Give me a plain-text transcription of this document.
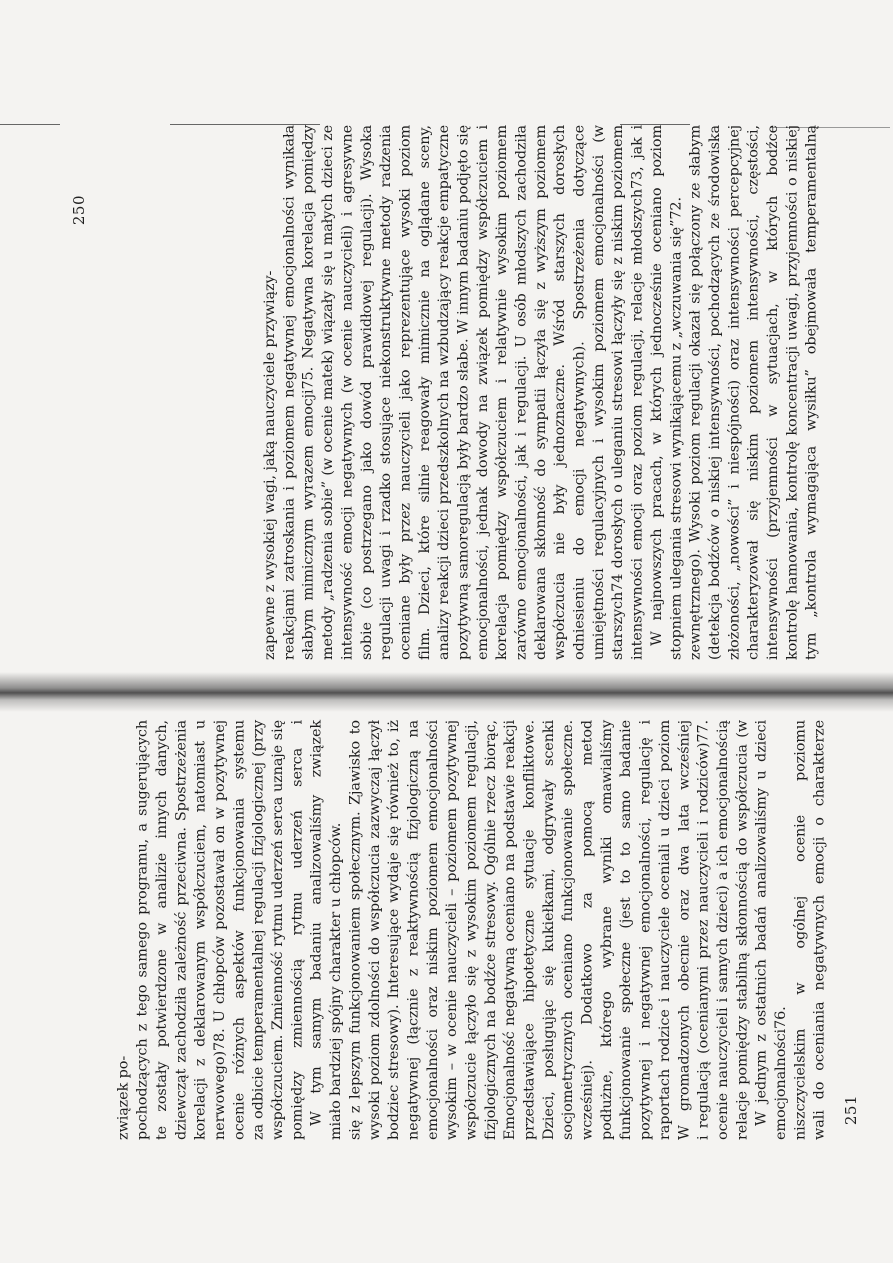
250	tym „kontrola wymagająca wysiłku” obejmowała temperamentalną kontrolę hamowania, kontrolę koncentracji uwagi, przyjemności o niskiej intensywności (przyjemności w sytuacjach, w których bodźce charakteryzował się niskim poziomem intensywności, częstości, złożoności, „nowości” i niespójności) oraz intensywności percepcyjnej (detekcja bodźców o niskiej intensywności, pochodzących ze środowiska zewnętrznego). Wysoki poziom regulacji okazał się połączony ze słabym stopniem ulegania stresowi wynikającemu z „wczuwania się”72.

W najnowszych pracach, w których jednocześnie oceniano poziom intensywności emocji oraz poziom regulacji, relacje młodszych73, jak i starszych74 dorosłych o uleganiu stresowi łączyły się z niskim poziomem umiejętności regulacyjnych i wysokim poziomem emocjonalności (w odniesieniu do emocji negatywnych). Spostrzeżenia dotyczące współczucia nie były jednoznaczne. Wśród starszych dorosłych deklarowana skłonność do sympatii łączyła się z wyższym poziomem zarówno emocjonalności, jak i regulacji. U osób młodszych zachodziła korelacja pomiędzy współczuciem i relatywnie wysokim poziomem emocjonalności, jednak dowody na związek pomiędzy współczuciem i pozytywną samoregulacją były bardzo słabe. W innym badaniu podjęto się analizy reakcji dzieci przedszkolnych na wzbudzający reakcje empatyczne film. Dzieci, które silnie reagowały mimicznie na oglądane sceny, oceniane były przez nauczycieli jako reprezentujące wysoki poziom regulacji uwagi i rzadko stosujące niekonstruktywne metody radzenia sobie (co postrzegano jako dowód prawidłowej regulacji). Wysoka intensywność emocji negatywnych (w ocenie nauczycieli) i agresywne metody „radzenia sobie” (w ocenie matek) wiązały się u małych dzieci ze słabym mimicznym wyrazem emocji75. Negatywna korelacja pomiędzy reakcjami zatroskania i poziomem negatywnej emocjonalności wynikała zapewne z wysokiej wagi, jaką nauczyciele przywiązy-

251

wali do oceniania negatywnych emocji o charakterze niszczycielskim w ogólnej ocenie poziomu emocjonalności76.

W jednym z ostatnich badań analizowaliśmy u dzieci relacje pomiędzy stabilną skłonnością do współczucia (w ocenie nauczycieli i samych dzieci) a ich emocjonalnością i regulacją (ocenianymi przez nauczycieli i rodziców)77. W gromadzonych obecnie oraz dwa lata wcześniej raportach rodzice i nauczyciele oceniali u dzieci poziom pozytywnej i negatywnej emocjonalności, regulację i funkcjonowanie społeczne (jest to to samo badanie podłużne, którego wybrane wyniki omawialiśmy wcześniej). Dodatkowo za pomocą metod socjometrycznych oceniano funkcjonowanie społeczne. Dzieci, posługując się kukiełkami, odgrywały scenki przedstawiające hipotetyczne sytuacje konfliktowe. Emocjonalność negatywną oceniano na podstawie reakcji fizjologicznych na bodźce stresowy. Ogólnie rzecz biorąc, współczucie łączyło się z wysokim poziomem regulacji, wysokim – w ocenie nauczycieli – poziomem pozytywnej emocjonalności oraz niskim poziomem emocjonalności negatywnej (łącznie z reaktywnością fizjologiczną na bodziec stresowy). Interesujące wydaje się również to, iż wysoki poziom zdolności do współczucia zazwyczaj łączył się z lepszym funkcjonowaniem społecznym. Zjawisko to miało bardziej spójny charakter u chłopców.

W tym samym badaniu analizowaliśmy związek pomiędzy zmiennością rytmu uderzeń serca i współczuciem. Zmienność rytmu uderzeń serca uznaje się za odbicie temperamentalnej regulacji fizjologicznej (przy ocenie różnych aspektów funkcjonowania systemu nerwowego)78. U chłopców pozostawał on w pozytywnej korelacji z deklarowanym współczuciem, natomiast u dziewcząt zachodziła zależność przeciwna. Spostrzeżenia te zostały potwierdzone w analizie innych danych, pochodzących z tego samego programu, a sugerujących związek po-
